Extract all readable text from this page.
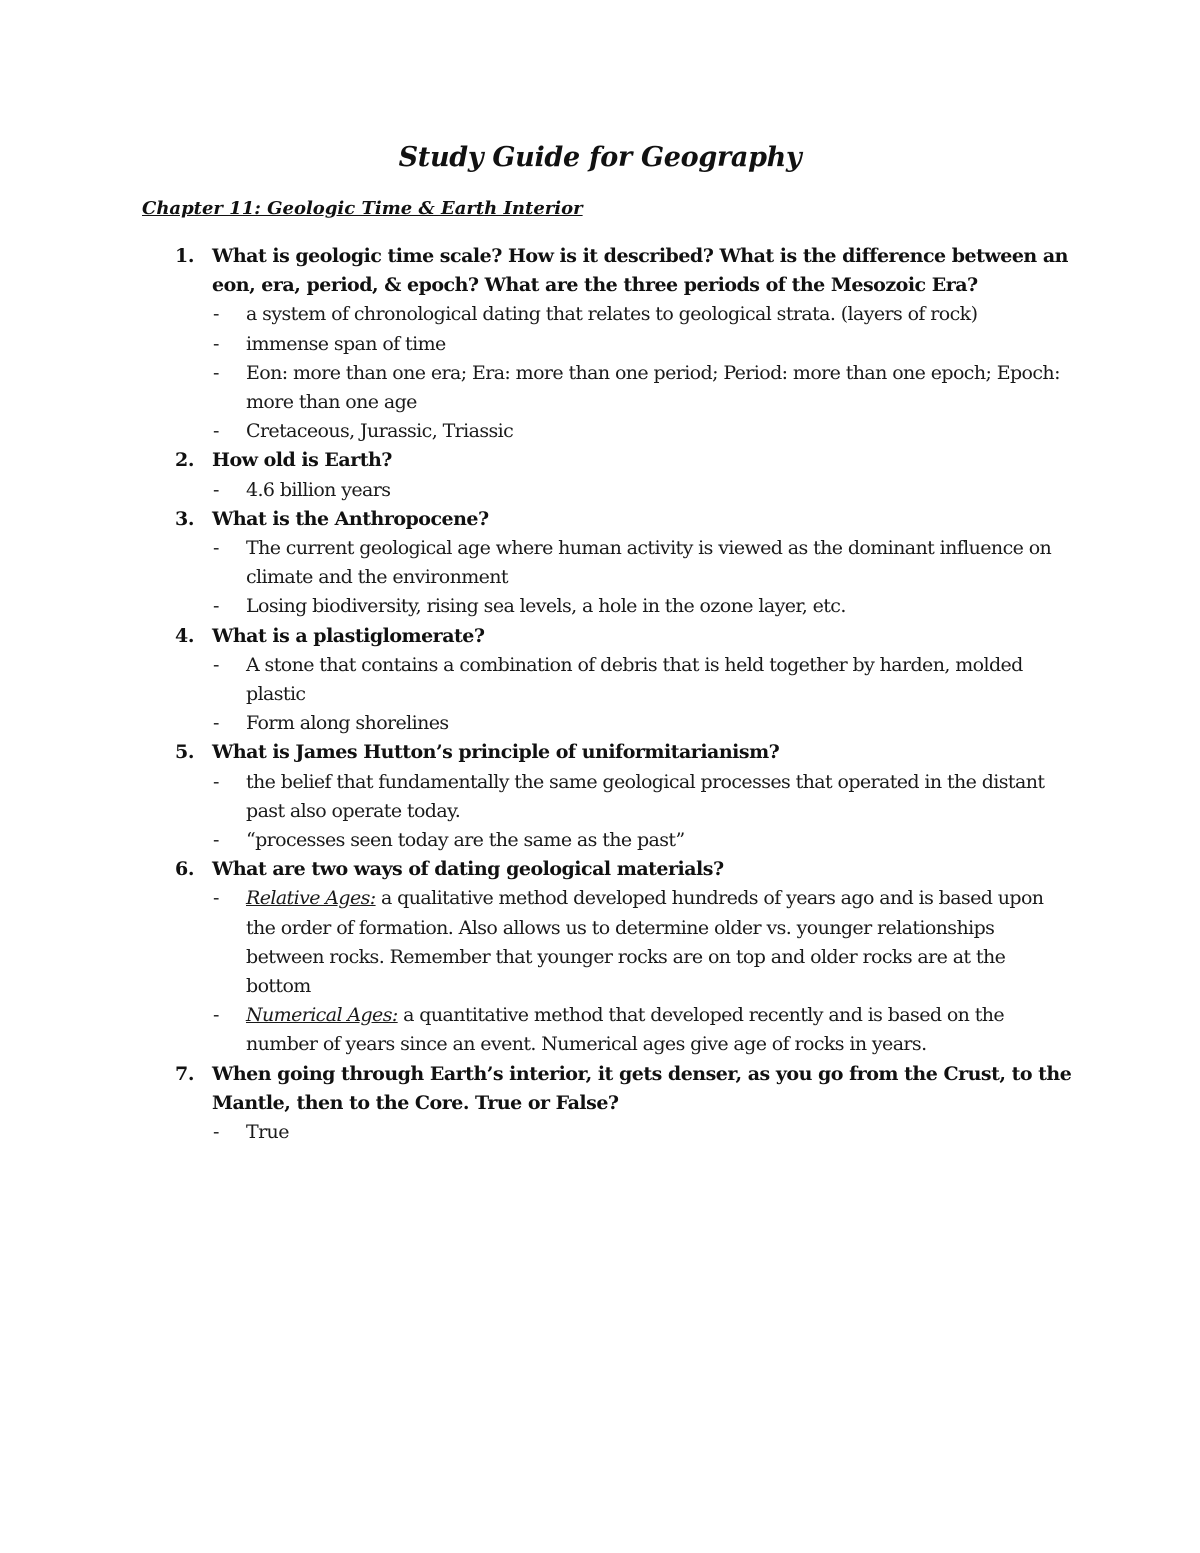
Study Guide for Geography
Chapter 11: Geologic Time & Earth Interior
1. What is geologic time scale? How is it described? What is the difference between an eon, era, period, & epoch? What are the three periods of the Mesozoic Era?
- a system of chronological dating that relates to geological strata. (layers of rock)
- immense span of time
- Eon: more than one era; Era: more than one period; Period: more than one epoch; Epoch: more than one age
- Cretaceous, Jurassic, Triassic
2. How old is Earth?
- 4.6 billion years
3. What is the Anthropocene?
- The current geological age where human activity is viewed as the dominant influence on climate and the environment
- Losing biodiversity, rising sea levels, a hole in the ozone layer, etc.
4. What is a plastiglomerate?
- A stone that contains a combination of debris that is held together by harden, molded plastic
- Form along shorelines
5. What is James Hutton’s principle of uniformitarianism?
- the belief that fundamentally the same geological processes that operated in the distant past also operate today.
- “processes seen today are the same as the past”
6. What are two ways of dating geological materials?
- Relative Ages: a qualitative method developed hundreds of years ago and is based upon the order of formation. Also allows us to determine older vs. younger relationships between rocks. Remember that younger rocks are on top and older rocks are at the bottom
- Numerical Ages: a quantitative method that developed recently and is based on the number of years since an event. Numerical ages give age of rocks in years.
7. When going through Earth’s interior, it gets denser, as you go from the Crust, to the Mantle, then to the Core. True or False?
- True
